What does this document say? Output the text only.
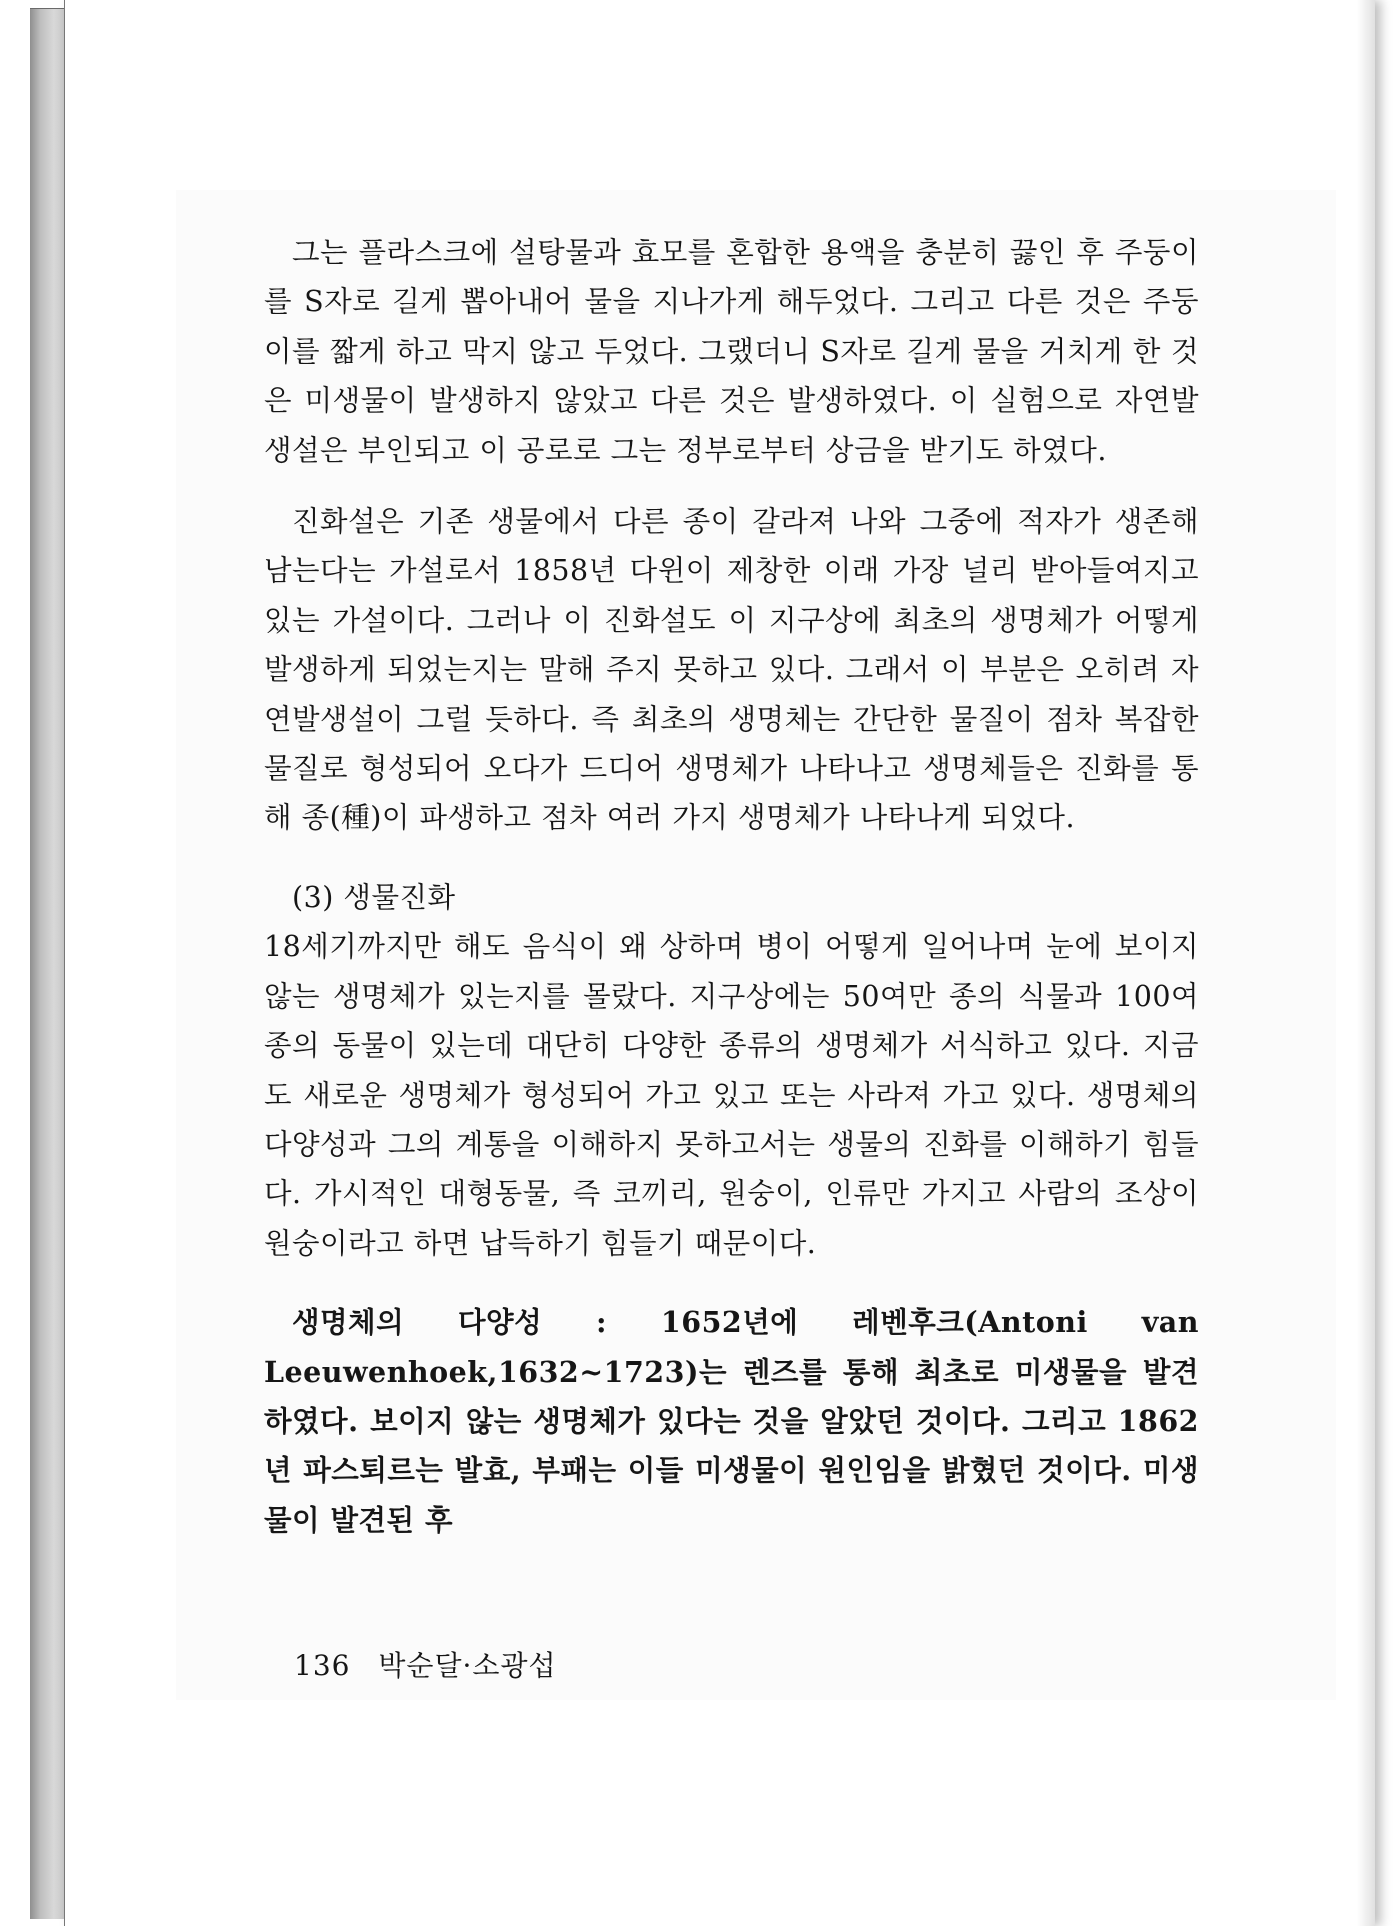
그는 플라스크에 설탕물과 효모를 혼합한 용액을 충분히 끓인 후 주둥이를 S자로 길게 뽑아내어 물을 지나가게 해두었다. 그리고 다른 것은 주둥이를 짧게 하고 막지 않고 두었다. 그랬더니 S자로 길게 물을 거치게 한 것은 미생물이 발생하지 않았고 다른 것은 발생하였다. 이 실험으로 자연발생설은 부인되고 이 공로로 그는 정부로부터 상금을 받기도 하였다.

진화설은 기존 생물에서 다른 종이 갈라져 나와 그중에 적자가 생존해 남는다는 가설로서 1858년 다윈이 제창한 이래 가장 널리 받아들여지고 있는 가설이다. 그러나 이 진화설도 이 지구상에 최초의 생명체가 어떻게 발생하게 되었는지는 말해 주지 못하고 있다. 그래서 이 부분은 오히려 자연발생설이 그럴 듯하다. 즉 최초의 생명체는 간단한 물질이 점차 복잡한 물질로 형성되어 오다가 드디어 생명체가 나타나고 생명체들은 진화를 통해 종(種)이 파생하고 점차 여러 가지 생명체가 나타나게 되었다.

(3) 생물진화

18세기까지만 해도 음식이 왜 상하며 병이 어떻게 일어나며 눈에 보이지 않는 생명체가 있는지를 몰랐다. 지구상에는 50여만 종의 식물과 100여 종의 동물이 있는데 대단히 다양한 종류의 생명체가 서식하고 있다. 지금도 새로운 생명체가 형성되어 가고 있고 또는 사라져 가고 있다. 생명체의 다양성과 그의 계통을 이해하지 못하고서는 생물의 진화를 이해하기 힘들다. 가시적인 대형동물, 즉 코끼리, 원숭이, 인류만 가지고 사람의 조상이 원숭이라고 하면 납득하기 힘들기 때문이다.

생명체의 다양성 : 1652년에 레벤후크(Antoni van Leeuwenhoek,1632~1723)는 렌즈를 통해 최초로 미생물을 발견하였다. 보이지 않는 생명체가 있다는 것을 알았던 것이다. 그리고 1862년 파스퇴르는 발효, 부패는 이들 미생물이 원인임을 밝혔던 것이다. 미생물이 발견된 후

136 박순달·소광섭
